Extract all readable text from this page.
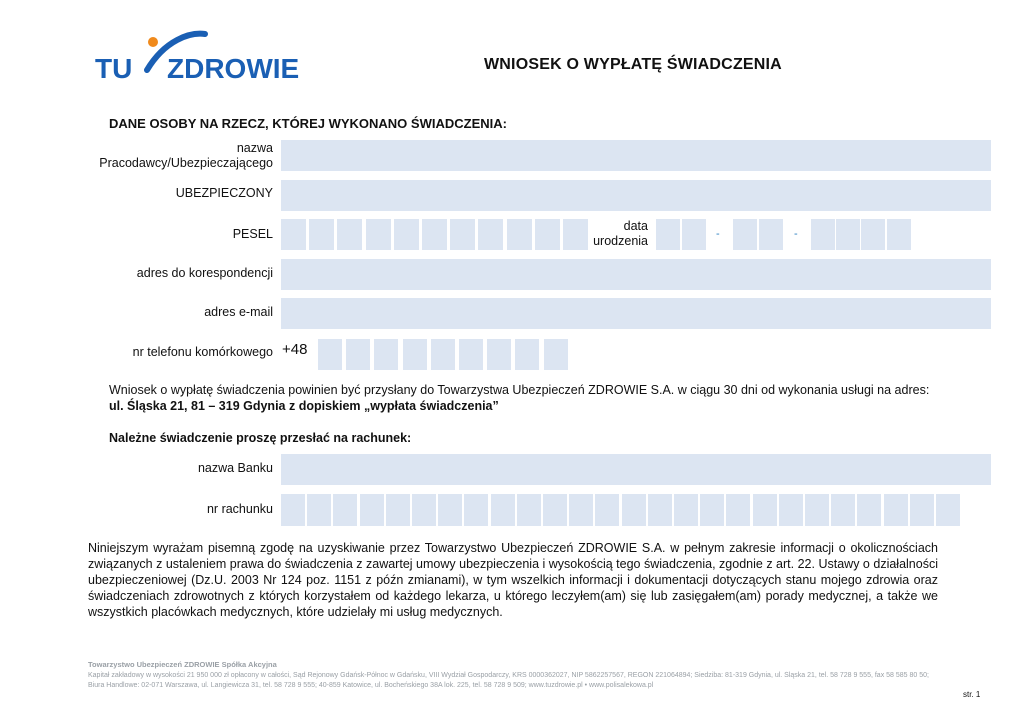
TU ZDROWIE	WNIOSEK O WYPŁATĘ ŚWIADCZENIA
DANE OSOBY NA RZECZ, KTÓREJ WYKONANO ŚWIADCZENIA:
nazwa
Pracodawcy/Ubezpieczającego
UBEZPIECZONY
PESEL
data
urodzenia	-	-
adres do korespondencji
adres e-mail
nr telefonu komórkowego +48
Wniosek o wypłatę świadczenia powinien być przysłany do Towarzystwa Ubezpieczeń ZDROWIE S.A. w ciągu 30 dni od wykonania usługi na adres:
ul. Śląska 21, 81 – 319 Gdynia z dopiskiem „wypłata świadczenia”
Należne świadczenie proszę przesłać na rachunek:
nazwa Banku
nr rachunku
Niniejszym wyrażam pisemną zgodę na uzyskiwanie przez Towarzystwo Ubezpieczeń ZDROWIE S.A. w pełnym zakresie informacji o okolicznościach związanych z ustaleniem prawa do świadczenia z zawartej umowy ubezpieczenia i wysokością tego świadczenia, zgodnie z art. 22. Ustawy o działalności ubezpieczeniowej (Dz.U. 2003 Nr 124 poz. 1151 z późn zmianami), w tym wszelkich informacji i dokumentacji dotyczących stanu mojego zdrowia oraz świadczeniach zdrowotnych z których korzystałem od każdego lekarza, u którego leczyłem(am) się lub zasięgałem(am) porady medycznej, a także we wszystkich placówkach medycznych, które udzielały mi usług medycznych.
Towarzystwo Ubezpieczeń ZDROWIE Spółka Akcyjna
Kapitał zakładowy w wysokości 21 950 000 zł opłacony w całości, Sąd Rejonowy Gdańsk-Północ w Gdańsku, VIII Wydział Gospodarczy, KRS 0000362027, NIP 5862257567, REGON 221064894; Siedziba: 81-319 Gdynia, ul. Śląska 21, tel. 58 728 9 555, fax 58 585 80 50;
Biura Handlowe: 02-071 Warszawa, ul. Langiewicza 31, tel. 58 728 9 555; 40-859 Katowice, ul. Bocheńskiego 38A lok. 225, tel. 58 728 9 509; www.tuzdrowie.pl • www.polisalekowa.pl
str. 1
